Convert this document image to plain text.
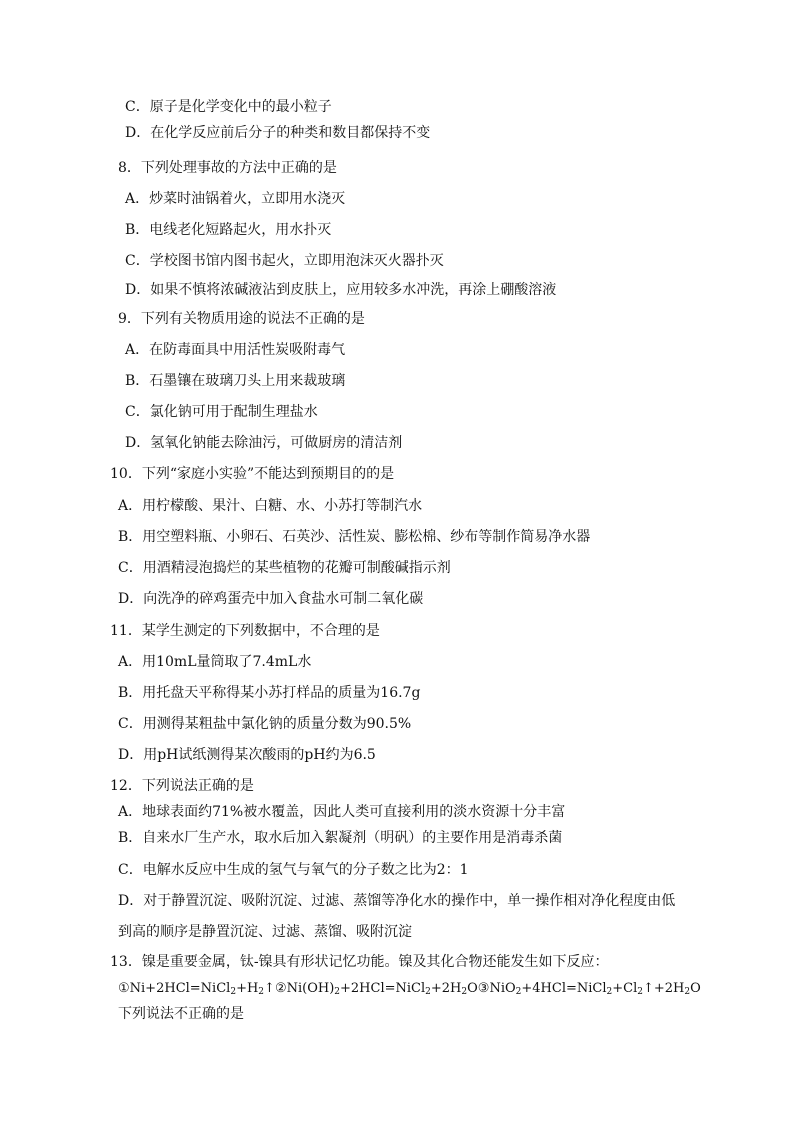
C．原子是化学变化中的最小粒子
D．在化学反应前后分子的种类和数目都保持不变
8．下列处理事故的方法中正确的是
A．炒菜时油锅着火，立即用水浇灭
B．电线老化短路起火，用水扑灭
C．学校图书馆内图书起火，立即用泡沫灭火器扑灭
D．如果不慎将浓碱液沾到皮肤上，应用较多水冲洗，再涂上硼酸溶液
9．下列有关物质用途的说法不正确的是
A．在防毒面具中用活性炭吸附毒气
B．石墨镶在玻璃刀头上用来裁玻璃
C．氯化钠可用于配制生理盐水
D．氢氧化钠能去除油污，可做厨房的清洁剂
10．下列“家庭小实验”不能达到预期目的的是
A．用柠檬酸、果汁、白糖、水、小苏打等制汽水
B．用空塑料瓶、小卵石、石英沙、活性炭、膨松棉、纱布等制作简易净水器
C．用酒精浸泡捣烂的某些植物的花瓣可制酸碱指示剂
D．向洗净的碎鸡蛋壳中加入食盐水可制二氧化碳
11．某学生测定的下列数据中，不合理的是
A．用10mL量筒取了7.4mL水
B．用托盘天平称得某小苏打样品的质量为16.7g
C．用测得某粗盐中氯化钠的质量分数为90.5%
D．用pH试纸测得某次酸雨的pH约为6.5
12．下列说法正确的是
A．地球表面约71%被水覆盖，因此人类可直接利用的淡水资源十分丰富
B．自来水厂生产水，取水后加入絮凝剂（明矾）的主要作用是消毒杀菌
C．电解水反应中生成的氢气与氧气的分子数之比为2：1
D．对于静置沉淀、吸附沉淀、过滤、蒸馏等净化水的操作中，单一操作相对净化程度由低
到高的顺序是静置沉淀、过滤、蒸馏、吸附沉淀
13．镍是重要金属，钛-镍具有形状记忆功能。镍及其化合物还能发生如下反应：
$①Ni+2HCl=NiCl_2+H_2↑②Ni(OH)_2+2HCl=NiCl_2+2H_2O③NiO_2+4HCl=NiCl_2+Cl_2↑+2H_2O$
下列说法不正确的是
